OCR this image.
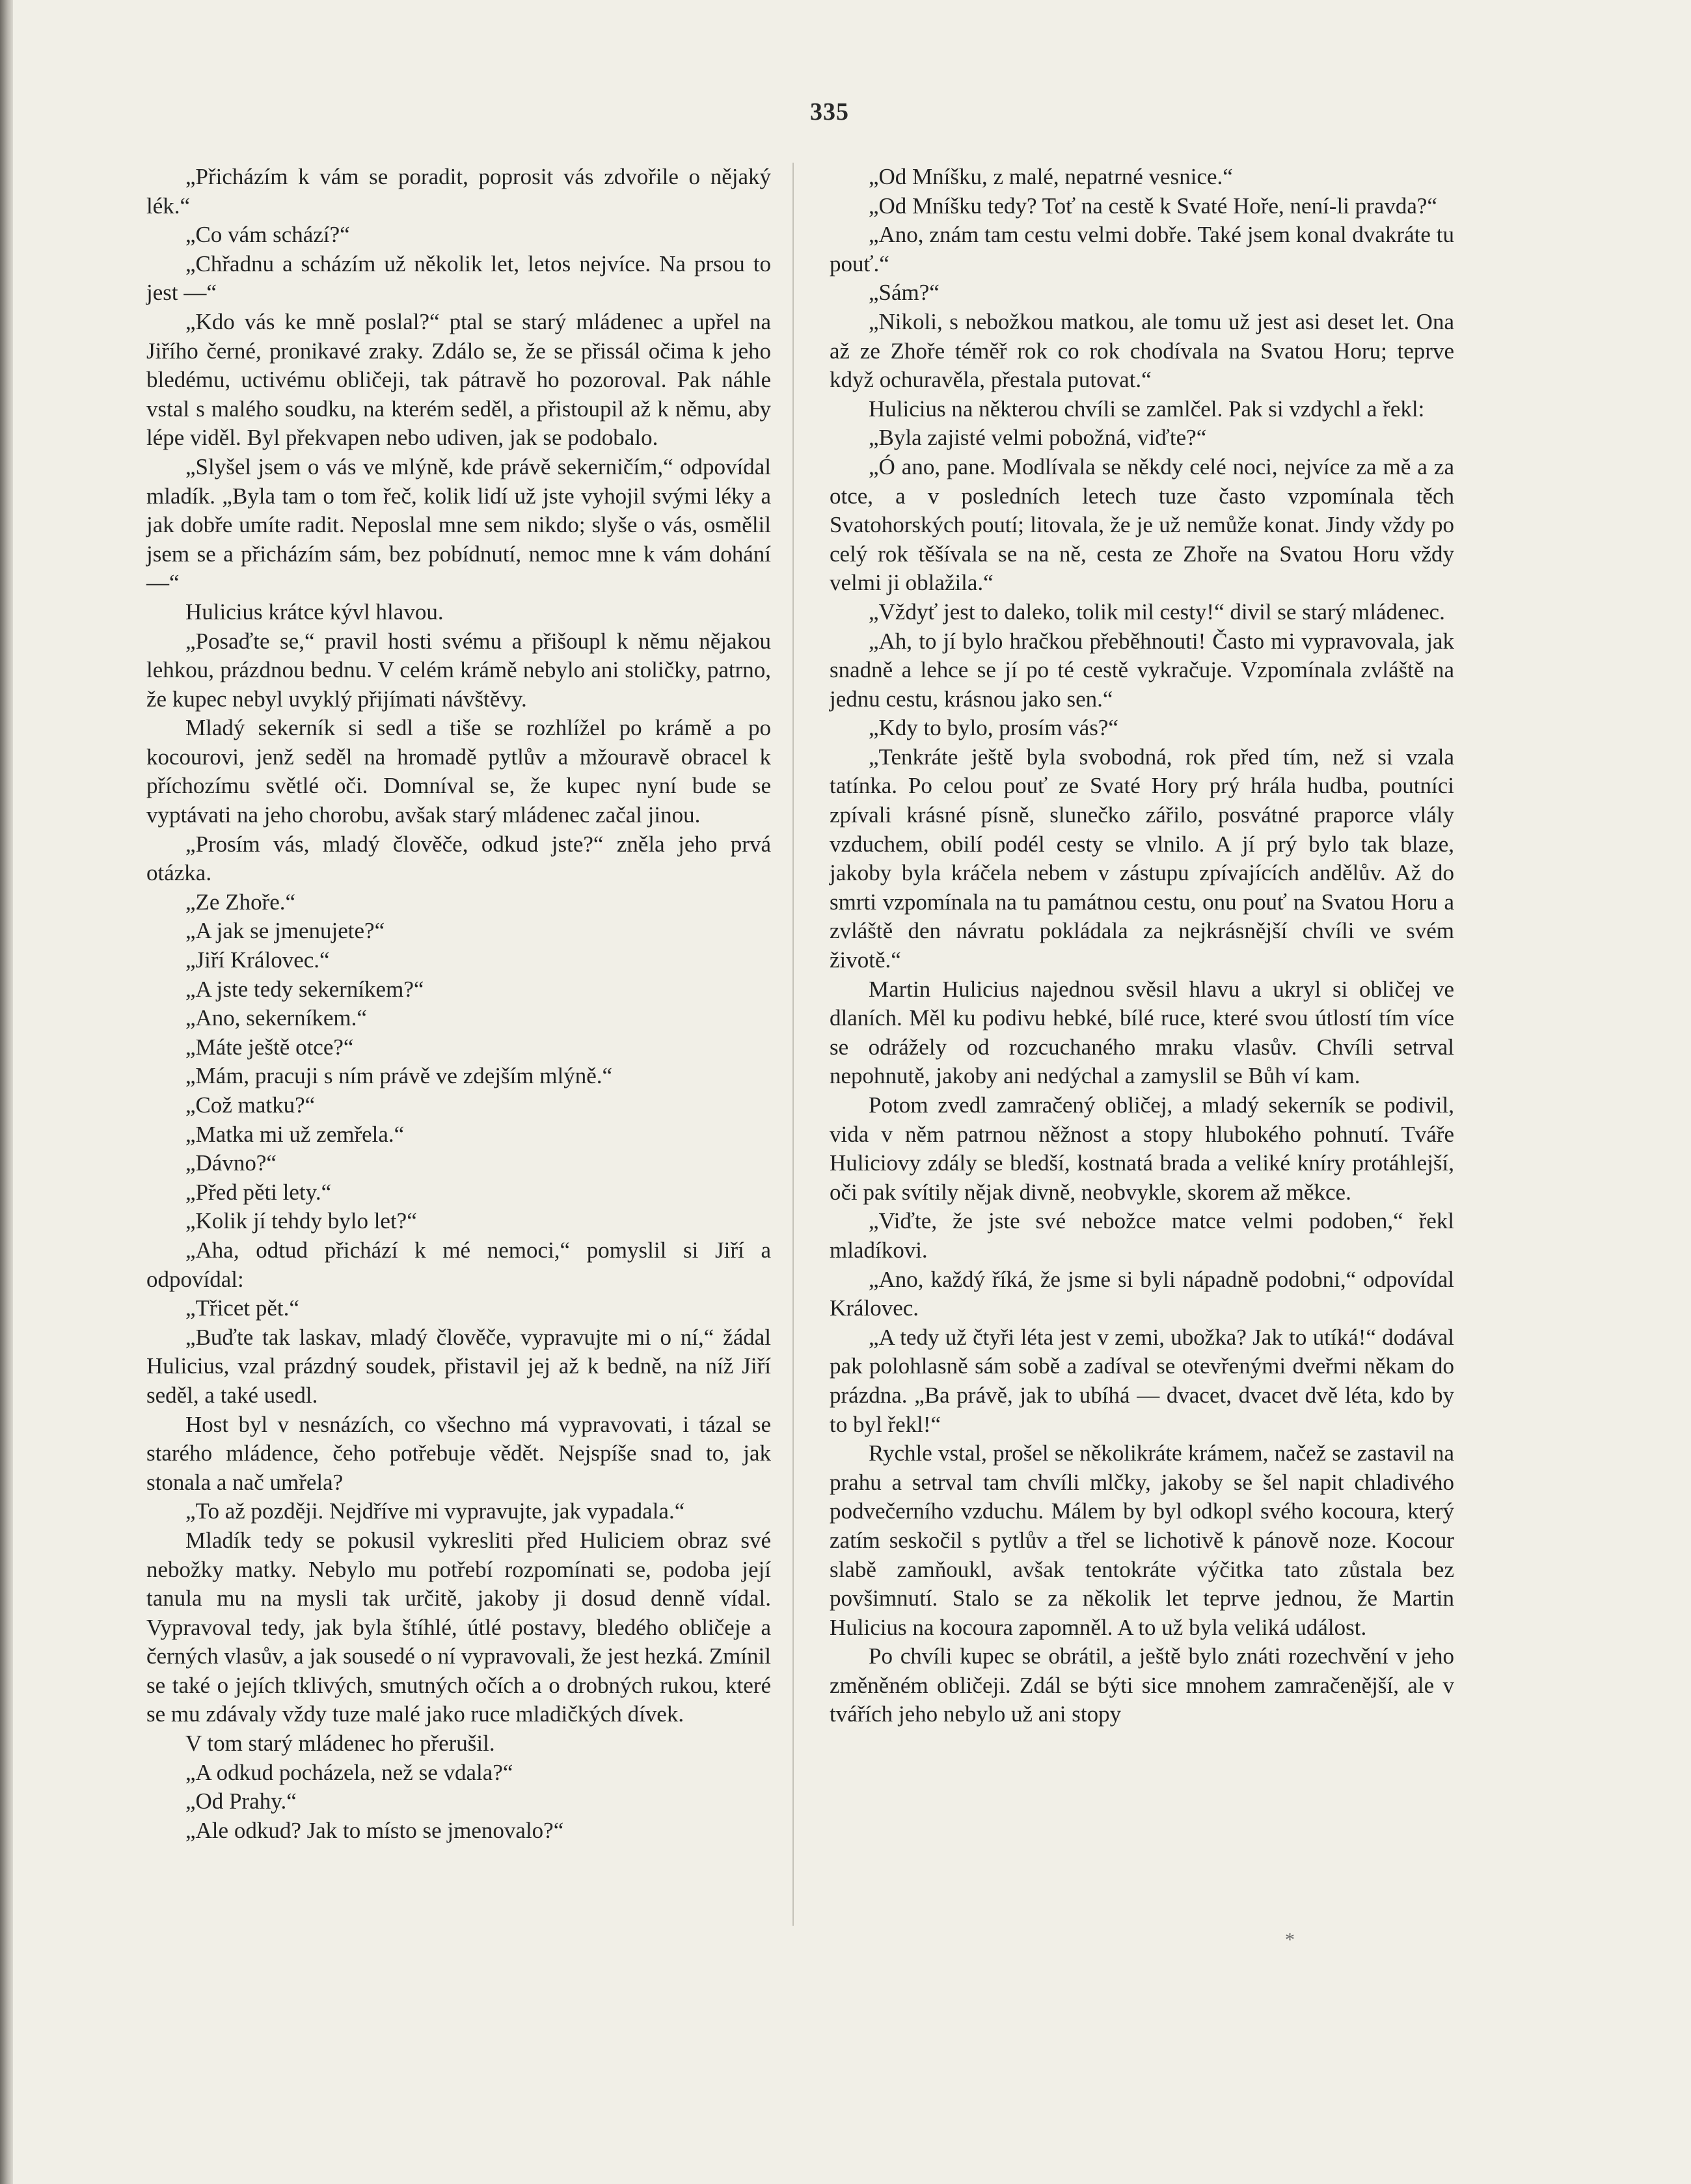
335

„Přicházím k vám se poradit, poprosit vás zdvořile o nějaký lék.“

„Co vám schází?“

„Chřadnu a scházím už několik let, letos nejvíce. Na prsou to jest —“

„Kdo vás ke mně poslal?“ ptal se starý mládenec a upřel na Jiřího černé, pronikavé zraky. Zdálo se, že se přissál očima k jeho bledému, uctivému obličeji, tak pátravě ho pozoroval. Pak náhle vstal s malého soudku, na kterém seděl, a přistoupil až k němu, aby lépe viděl. Byl překvapen nebo udiven, jak se podobalo.

„Slyšel jsem o vás ve mlýně, kde právě sekerničím,“ odpovídal mladík. „Byla tam o tom řeč, kolik lidí už jste vyhojil svými léky a jak dobře umíte radit. Neposlal mne sem nikdo; slyše o vás, osmělil jsem se a přicházím sám, bez pobídnutí, nemoc mne k vám dohání —“

Hulicius krátce kývl hlavou.

„Posaďte se,“ pravil hosti svému a přišoupl k němu nějakou lehkou, prázdnou bednu. V celém krámě nebylo ani stoličky, patrno, že kupec nebyl uvyklý přijímati návštěvy.

Mladý sekerník si sedl a tiše se rozhlížel po krámě a po kocourovi, jenž seděl na hromadě pytlův a mžouravě obracel k příchozímu světlé oči. Domníval se, že kupec nyní bude se vyptávati na jeho chorobu, avšak starý mládenec začal jinou.

„Prosím vás, mladý člověče, odkud jste?“ zněla jeho prvá otázka.

„Ze Zhoře.“

„A jak se jmenujete?“

„Jiří Královec.“

„A jste tedy sekerníkem?“

„Ano, sekerníkem.“

„Máte ještě otce?“

„Mám, pracuji s ním právě ve zdejším mlýně.“

„Což matku?“

„Matka mi už zemřela.“

„Dávno?“

„Před pěti lety.“

„Kolik jí tehdy bylo let?“

„Aha, odtud přichází k mé nemoci,“ pomyslil si Jiří a odpovídal:

„Třicet pět.“

„Buďte tak laskav, mladý člověče, vypravujte mi o ní,“ žádal Hulicius, vzal prázdný soudek, přistavil jej až k bedně, na níž Jiří seděl, a také usedl.

Host byl v nesnázích, co všechno má vypravovati, i tázal se starého mládence, čeho potřebuje vědět. Nejspíše snad to, jak stonala a nač umřela?

„To až později. Nejdříve mi vypravujte, jak vypadala.“

Mladík tedy se pokusil vykresliti před Huliciem obraz své nebožky matky. Nebylo mu potřebí rozpomínati se, podoba její tanula mu na mysli tak určitě, jakoby ji dosud denně vídal. Vypravoval tedy, jak byla štíhlé, útlé postavy, bledého obličeje a černých vlasův, a jak sousedé o ní vypravovali, že jest hezká. Zmínil se také o jejích tklivých, smutných očích a o drobných rukou, které se mu zdávaly vždy tuze malé jako ruce mladičkých dívek.

V tom starý mládenec ho přerušil.

„A odkud pocházela, než se vdala?“

„Od Prahy.“

„Ale odkud? Jak to místo se jmenovalo?“

„Od Mníšku, z malé, nepatrné vesnice.“

„Od Mníšku tedy? Toť na cestě k Svaté Hoře, není-li pravda?“

„Ano, znám tam cestu velmi dobře. Také jsem konal dvakráte tu pouť.“

„Sám?“

„Nikoli, s nebožkou matkou, ale tomu už jest asi deset let. Ona až ze Zhoře téměř rok co rok chodívala na Svatou Horu; teprve když ochuravěla, přestala putovat.“

Hulicius na některou chvíli se zamlčel. Pak si vzdychl a řekl:

„Byla zajisté velmi pobožná, viďte?“

„Ó ano, pane. Modlívala se někdy celé noci, nejvíce za mě a za otce, a v posledních letech tuze často vzpomínala těch Svatohorských poutí; litovala, že je už nemůže konat. Jindy vždy po celý rok těšívala se na ně, cesta ze Zhoře na Svatou Horu vždy velmi ji oblažila.“

„Vždyť jest to daleko, tolik mil cesty!“ divil se starý mládenec.

„Ah, to jí bylo hračkou přeběhnouti! Často mi vypravovala, jak snadně a lehce se jí po té cestě vykračuje. Vzpomínala zvláště na jednu cestu, krásnou jako sen.“

„Kdy to bylo, prosím vás?“

„Tenkráte ještě byla svobodná, rok před tím, než si vzala tatínka. Po celou pouť ze Svaté Hory prý hrála hudba, poutníci zpívali krásné písně, slunečko zářilo, posvátné praporce vlály vzduchem, obilí podél cesty se vlnilo. A jí prý bylo tak blaze, jakoby byla kráčela nebem v zástupu zpívajících andělův. Až do smrti vzpomínala na tu památnou cestu, onu pouť na Svatou Horu a zvláště den návratu pokládala za nejkrásnější chvíli ve svém životě.“

Martin Hulicius najednou svěsil hlavu a ukryl si obličej ve dlaních. Měl ku podivu hebké, bílé ruce, které svou útlostí tím více se odrážely od rozcuchaného mraku vlasův. Chvíli setrval nepohnutě, jakoby ani nedýchal a zamyslil se Bůh ví kam.

Potom zvedl zamračený obličej, a mladý sekerník se podivil, vida v něm patrnou něžnost a stopy hlubokého pohnutí. Tváře Huliciovy zdály se bledší, kostnatá brada a veliké kníry protáhlejší, oči pak svítily nějak divně, neobvykle, skorem až měkce.

„Viďte, že jste své nebožce matce velmi podoben,“ řekl mladíkovi.

„Ano, každý říká, že jsme si byli nápadně podobni,“ odpovídal Královec.

„A tedy už čtyři léta jest v zemi, ubožka? Jak to utíká!“ dodával pak polohlasně sám sobě a zadíval se otevřenými dveřmi někam do prázdna. „Ba právě, jak to ubíhá — dvacet, dvacet dvě léta, kdo by to byl řekl!“

Rychle vstal, prošel se několikráte krámem, načež se zastavil na prahu a setrval tam chvíli mlčky, jakoby se šel napit chladivého podvečerního vzduchu. Málem by byl odkopl svého kocoura, který zatím seskočil s pytlův a třel se lichotivě k pánově noze. Kocour slabě zamňoukl, avšak tentokráte výčitka tato zůstala bez povšimnutí. Stalo se za několik let teprve jednou, že Martin Hulicius na kocoura zapomněl. A to už byla veliká událost.

Po chvíli kupec se obrátil, a ještě bylo znáti rozechvění v jeho změněném obličeji. Zdál se býti sice mnohem zamračenější, ale v tvářích jeho nebylo už ani stopy

*
